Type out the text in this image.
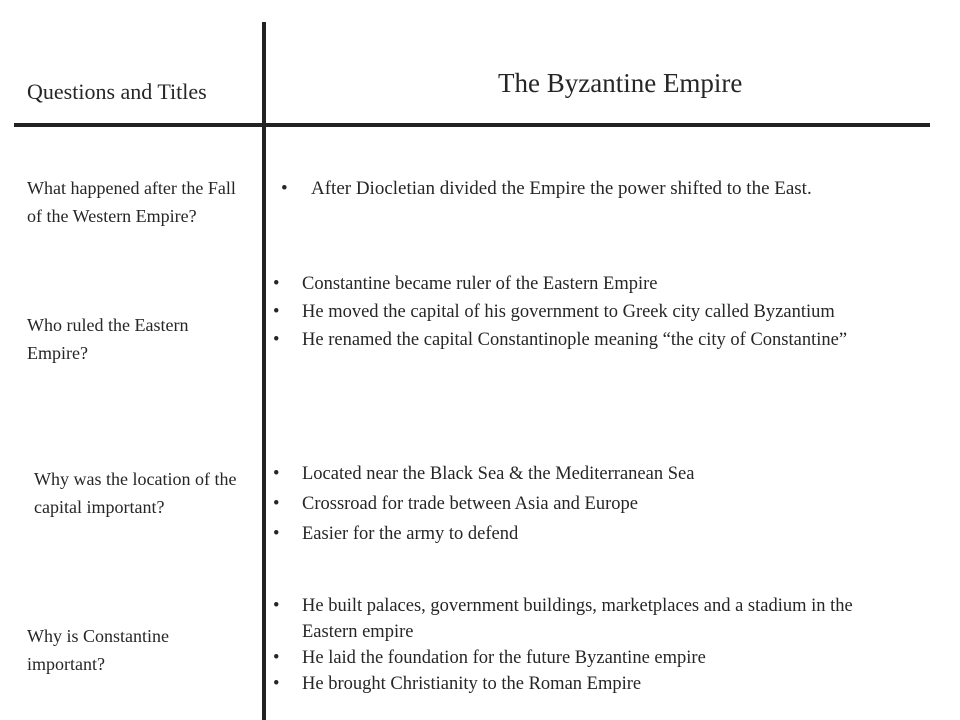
Questions and Titles	The Byzantine Empire

What happened after the Fall of the Western Empire?

• After Diocletian divided the Empire the power shifted to the East.

Who ruled the Eastern Empire?

• Constantine became ruler of the Eastern Empire
• He moved the capital of his government to Greek city called Byzantium
• He renamed the capital Constantinople meaning “the city of Constantine”

Why was the location of the capital important?

• Located near the Black Sea & the Mediterranean Sea
• Crossroad for trade between Asia and Europe
• Easier for the army to defend

Why is Constantine important?

• He built palaces, government buildings, marketplaces and a stadium in the Eastern empire
• He laid the foundation for the future Byzantine empire
• He brought Christianity to the Roman Empire
